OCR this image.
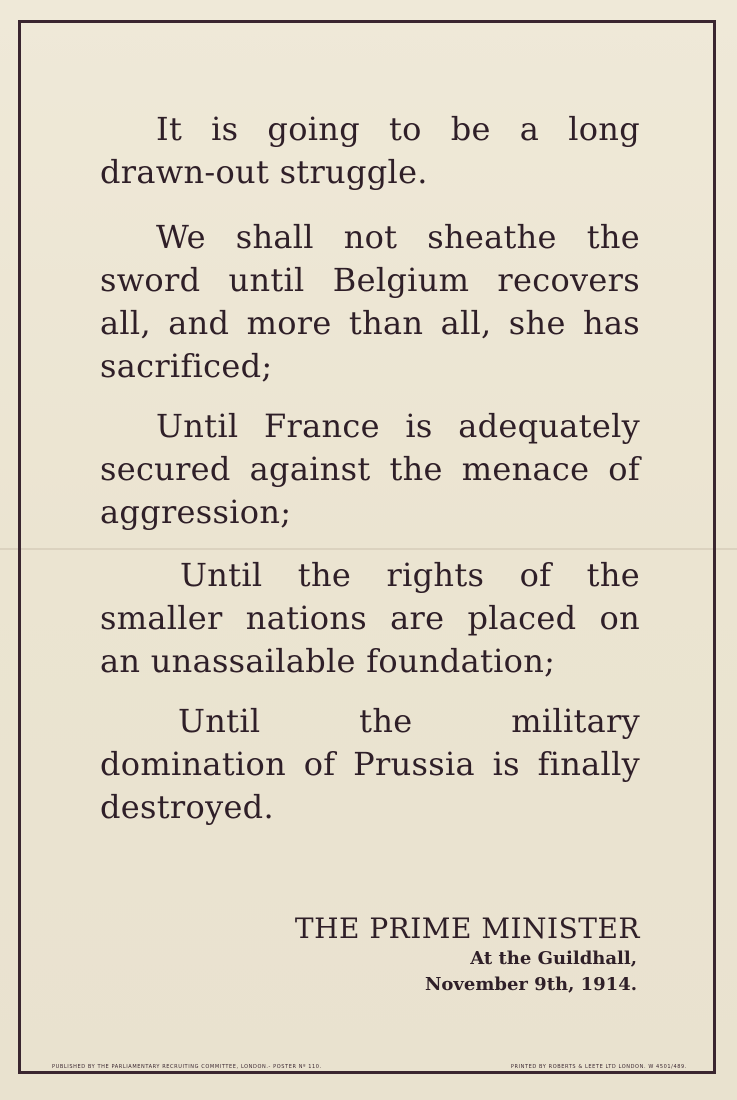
It is going to be a long drawn-out struggle.

We shall not sheathe the sword until Belgium recovers all, and more than all, she has sacrificed;

Until France is adequately secured against the menace of aggression;

Until the rights of the smaller nations are placed on an unassailable foundation;

Until the military domination of Prussia is finally destroyed.

THE PRIME MINISTER

At the Guildhall,

November 9th, 1914.

PUBLISHED BY THE PARLIAMENTARY RECRUITING COMMITTEE, LONDON.- POSTER Nº 110.	PRINTED BY ROBERTS & LEETE LTD LONDON. W 4501/489.
